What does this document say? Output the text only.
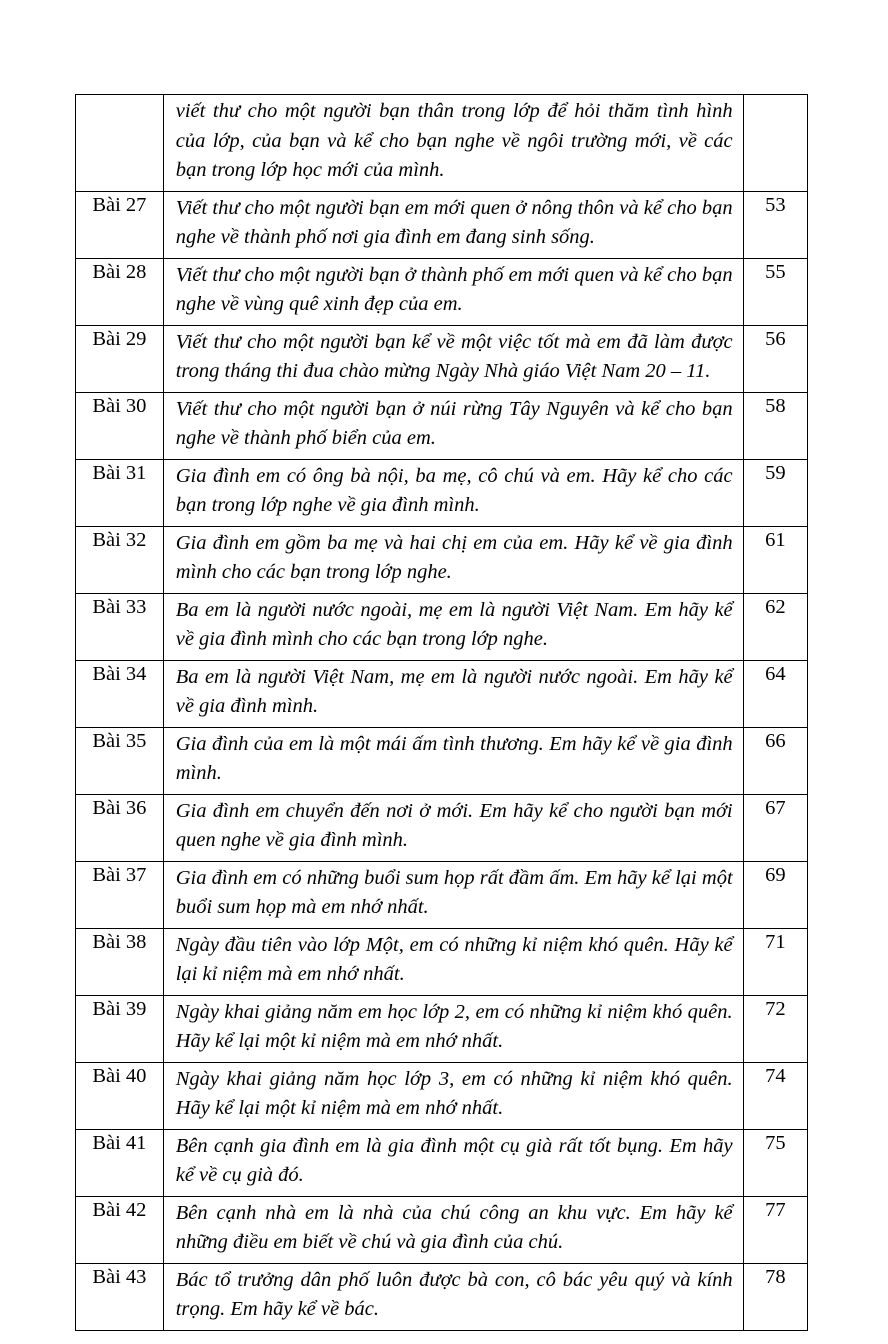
	viết thư cho một người bạn thân trong lớp để hỏi thăm tình hình của lớp, của bạn và kể cho bạn nghe về ngôi trường mới, về các bạn trong lớp học mới của mình.	
Bài 27	Viết thư cho một người bạn em mới quen ở nông thôn và kể cho bạn nghe về thành phố nơi gia đình em đang sinh sống.	53
Bài 28	Viết thư cho một người bạn ở thành phố em mới quen và kể cho bạn nghe về vùng quê xinh đẹp của em.	55
Bài 29	Viết thư cho một người bạn kể về một việc tốt mà em đã làm được trong tháng thi đua chào mừng Ngày Nhà giáo Việt Nam 20 – 11.	56
Bài 30	Viết thư cho một người bạn ở núi rừng Tây Nguyên và kể cho bạn nghe về thành phố biển của em.	58
Bài 31	Gia đình em có ông bà nội, ba mẹ, cô chú và em. Hãy kể cho các bạn trong lớp nghe về gia đình mình.	59
Bài 32	Gia đình em gồm ba mẹ và hai chị em của em. Hãy kể về gia đình mình cho các bạn trong lớp nghe.	61
Bài 33	Ba em là người nước ngoài, mẹ em là người Việt Nam. Em hãy kể về gia đình mình cho các bạn trong lớp nghe.	62
Bài 34	Ba em là người Việt Nam, mẹ em là người nước ngoài. Em hãy kể về gia đình mình.	64
Bài 35	Gia đình của em là một mái ấm tình thương. Em hãy kể về gia đình mình.	66
Bài 36	Gia đình em chuyển đến nơi ở mới. Em hãy kể cho người bạn mới quen nghe về gia đình mình.	67
Bài 37	Gia đình em có những buổi sum họp rất đầm ấm. Em hãy kể lại một buổi sum họp mà em nhớ nhất.	69
Bài 38	Ngày đầu tiên vào lớp Một, em có những kỉ niệm khó quên. Hãy kể lại kỉ niệm mà em nhớ nhất.	71
Bài 39	Ngày khai giảng năm em học lớp 2, em có những kỉ niệm khó quên. Hãy kể lại một kỉ niệm mà em nhớ nhất.	72
Bài 40	Ngày khai giảng năm học lớp 3, em có những kỉ niệm khó quên. Hãy kể lại một kỉ niệm mà em nhớ nhất.	74
Bài 41	Bên cạnh gia đình em là gia đình một cụ già rất tốt bụng. Em hãy kể về cụ già đó.	75
Bài 42	Bên cạnh nhà em là nhà của chú công an khu vực. Em hãy kể những điều em biết về chú và gia đình của chú.	77
Bài 43	Bác tổ trưởng dân phố luôn được bà con, cô bác yêu quý và kính trọng. Em hãy kể về bác.	78
